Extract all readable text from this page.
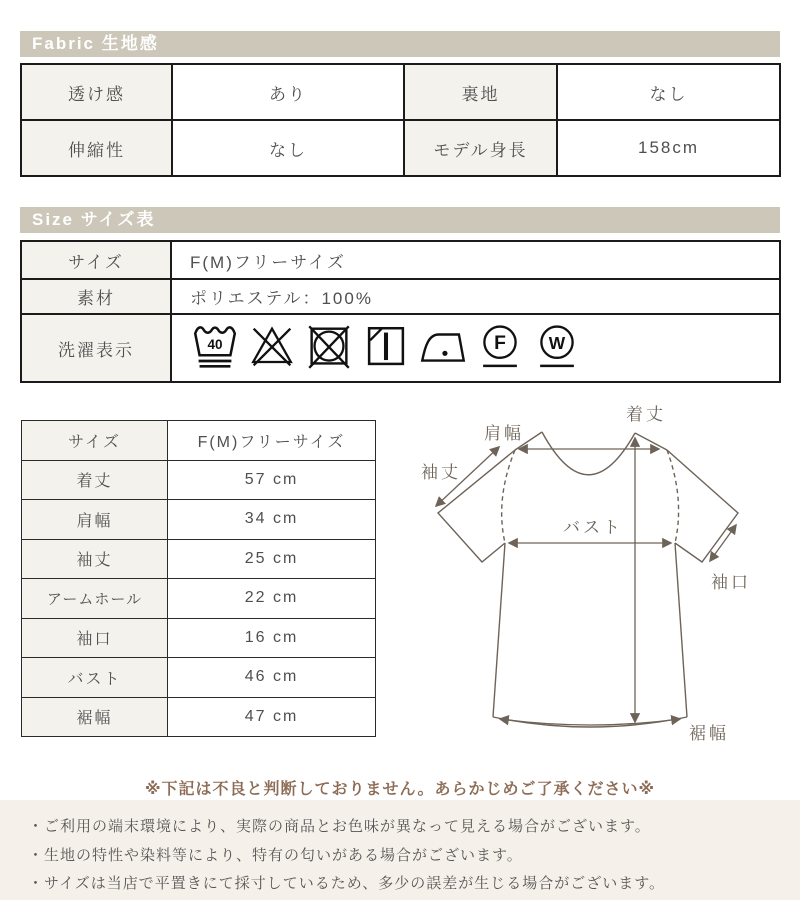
Fabric 生地感
透け感	あり	裏地	なし
伸縮性	なし	モデル身長	158cm
Size サイズ表
サイズ	F(M)フリーサイズ
素材	ポリエステル：100%
洗濯表示	40 F W
サイズ	F(M)フリーサイズ
着丈	57 cm
肩幅	34 cm
袖丈	25 cm
アームホール	22 cm
袖口	16 cm
バスト	46 cm
裾幅	47 cm
着丈
肩幅
袖丈
バスト
袖口
裾幅
※下記は不良と判断しておりません。あらかじめご了承ください※
・ご利用の端末環境により、実際の商品とお色味が異なって見える場合がございます。
・生地の特性や染料等により、特有の匂いがある場合がございます。
・サイズは当店で平置きにて採寸しているため、多少の誤差が生じる場合がございます。
